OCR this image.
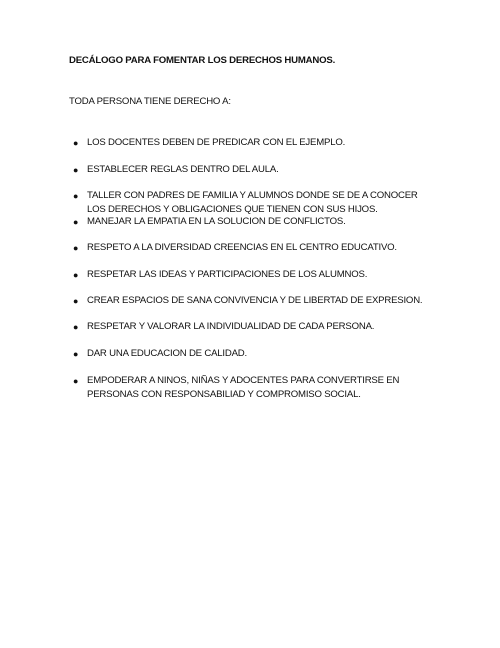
DECÁLOGO PARA FOMENTAR LOS DERECHOS HUMANOS.
TODA PERSONA TIENE DERECHO A:
● LOS DOCENTES DEBEN DE PREDICAR CON EL EJEMPLO.
● ESTABLECER REGLAS DENTRO DEL AULA.
● TALLER CON PADRES DE FAMILIA Y ALUMNOS DONDE SE DE A CONOCER LOS DERECHOS Y OBLIGACIONES QUE TIENEN CON SUS HIJOS.
● MANEJAR LA EMPATIA EN LA SOLUCION DE CONFLICTOS.
● RESPETO A LA DIVERSIDAD CREENCIAS EN EL CENTRO EDUCATIVO.
● RESPETAR LAS IDEAS Y PARTICIPACIONES DE LOS ALUMNOS.
● CREAR ESPACIOS DE SANA CONVIVENCIA Y DE LIBERTAD DE EXPRESION.
● RESPETAR Y VALORAR LA INDIVIDUALIDAD DE CADA PERSONA.
● DAR UNA EDUCACION DE CALIDAD.
● EMPODERAR A NINOS, NIÑAS Y ADOCENTES PARA CONVERTIRSE EN PERSONAS CON RESPONSABILIAD Y COMPROMISO SOCIAL.
